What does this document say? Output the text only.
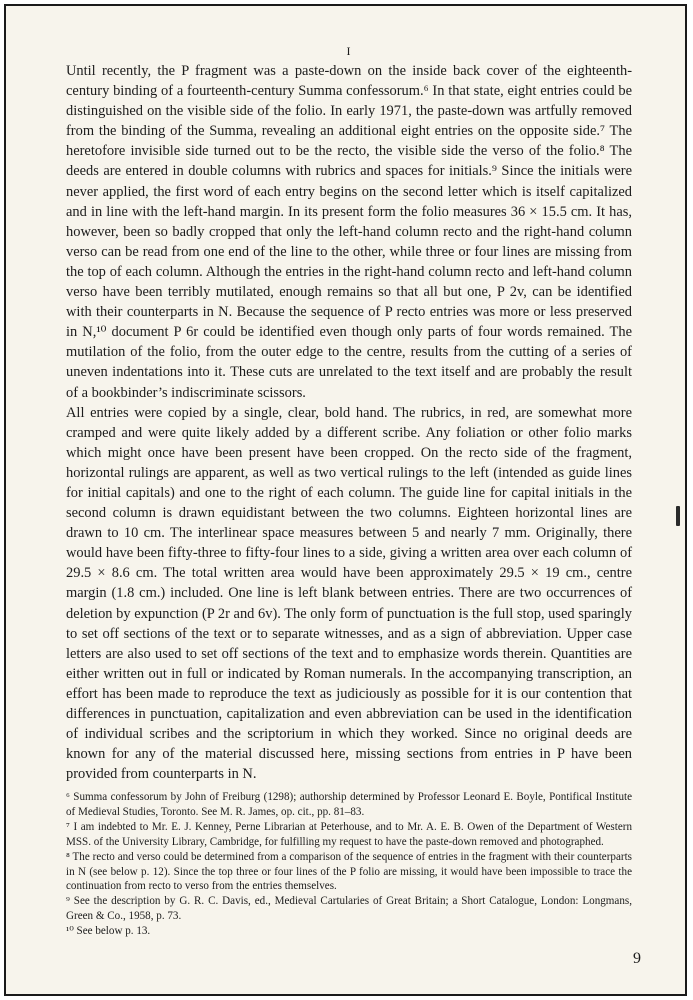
I

Until recently, the P fragment was a paste-down on the inside back cover of the eighteenth-century binding of a fourteenth-century Summa confessorum.⁶ In that state, eight entries could be distinguished on the visible side of the folio. In early 1971, the paste-down was artfully removed from the binding of the Summa, revealing an additional eight entries on the opposite side.⁷ The heretofore invisible side turned out to be the recto, the visible side the verso of the folio.⁸ The deeds are entered in double columns with rubrics and spaces for initials.⁹ Since the initials were never applied, the first word of each entry begins on the second letter which is itself capitalized and in line with the left-hand margin. In its present form the folio measures 36 × 15.5 cm. It has, however, been so badly cropped that only the left-hand column recto and the right-hand column verso can be read from one end of the line to the other, while three or four lines are missing from the top of each column. Although the entries in the right-hand column recto and left-hand column verso have been terribly mutilated, enough remains so that all but one, P 2v, can be identified with their counterparts in N. Because the sequence of P recto entries was more or less preserved in N,¹⁰ document P 6r could be identified even though only parts of four words remained. The mutilation of the folio, from the outer edge to the centre, results from the cutting of a series of uneven indentations into it. These cuts are unrelated to the text itself and are probably the result of a bookbinder’s indiscriminate scissors.

All entries were copied by a single, clear, bold hand. The rubrics, in red, are somewhat more cramped and were quite likely added by a different scribe. Any foliation or other folio marks which might once have been present have been cropped. On the recto side of the fragment, horizontal rulings are apparent, as well as two vertical rulings to the left (intended as guide lines for initial capitals) and one to the right of each column. The guide line for capital initials in the second column is drawn equidistant between the two columns. Eighteen horizontal lines are drawn to 10 cm. The interlinear space measures between 5 and nearly 7 mm. Originally, there would have been fifty-three to fifty-four lines to a side, giving a written area over each column of 29.5 × 8.6 cm. The total written area would have been approximately 29.5 × 19 cm., centre margin (1.8 cm.) included. One line is left blank between entries. There are two occurrences of deletion by expunction (P 2r and 6v). The only form of punctuation is the full stop, used sparingly to set off sections of the text or to separate witnesses, and as a sign of abbreviation. Upper case letters are also used to set off sections of the text and to emphasize words therein. Quantities are either written out in full or indicated by Roman numerals. In the accompanying transcription, an effort has been made to reproduce the text as judiciously as possible for it is our contention that differences in punctuation, capitalization and even abbreviation can be used in the identification of individual scribes and the scriptorium in which they worked. Since no original deeds are known for any of the material discussed here, missing sections from entries in P have been provided from counterparts in N.

⁶ Summa confessorum by John of Freiburg (1298); authorship determined by Professor Leonard E. Boyle, Pontifical Institute of Medieval Studies, Toronto. See M. R. James, op. cit., pp. 81–83.

⁷ I am indebted to Mr. E. J. Kenney, Perne Librarian at Peterhouse, and to Mr. A. E. B. Owen of the Department of Western MSS. of the University Library, Cambridge, for fulfilling my request to have the paste-down removed and photographed.

⁸ The recto and verso could be determined from a comparison of the sequence of entries in the fragment with their counterparts in N (see below p. 12). Since the top three or four lines of the P folio are missing, it would have been impossible to trace the continuation from recto to verso from the entries themselves.

⁹ See the description by G. R. C. Davis, ed., Medieval Cartularies of Great Britain; a Short Catalogue, London: Longmans, Green & Co., 1958, p. 73.

¹⁰ See below p. 13.

9
